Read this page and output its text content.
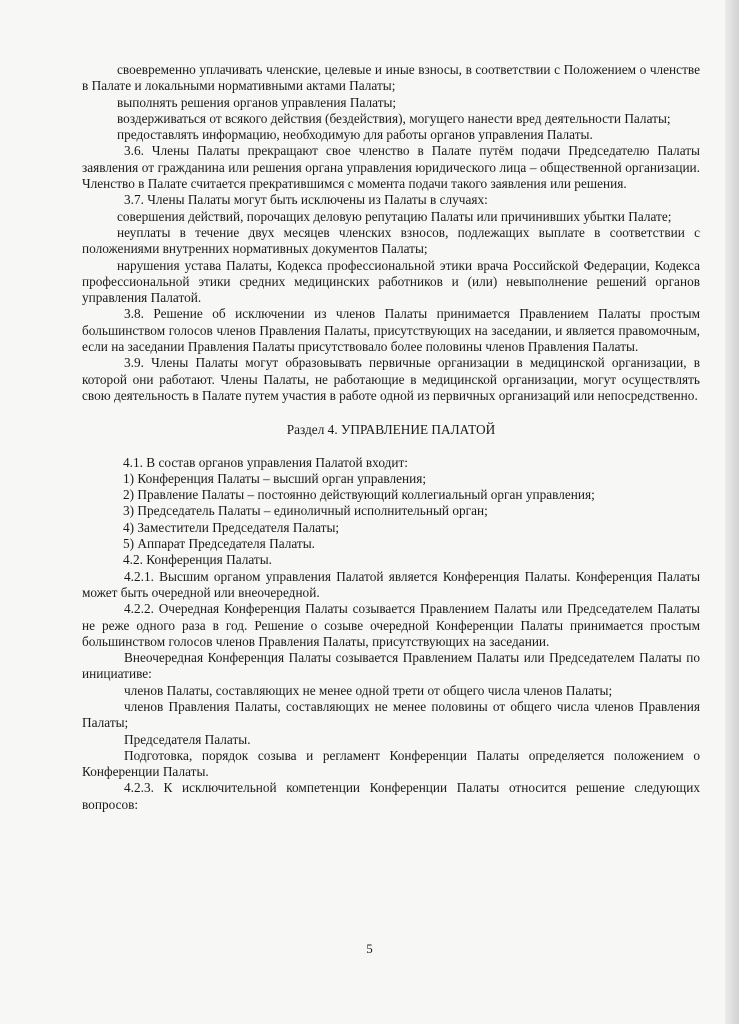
своевременно уплачивать членские, целевые и иные взносы, в соответствии с Положением о членстве в Палате и локальными нормативными актами Палаты;
выполнять решения органов управления Палаты;
воздерживаться от всякого действия (бездействия), могущего нанести вред деятельности Палаты;
предоставлять информацию, необходимую для работы органов управления Палаты.
3.6. Члены Палаты прекращают свое членство в Палате путём подачи Председателю Палаты заявления от гражданина или решения органа управления юридического лица – общественной организации. Членство в Палате считается прекратившимся с момента подачи такого заявления или решения.
3.7. Члены Палаты могут быть исключены из Палаты в случаях:
совершения действий, порочащих деловую репутацию Палаты или причинивших убытки Палате;
неуплаты в течение двух месяцев членских взносов, подлежащих выплате в соответствии с положениями внутренних нормативных документов Палаты;
нарушения устава Палаты, Кодекса профессиональной этики врача Российской Федерации, Кодекса профессиональной этики средних медицинских работников и (или) невыполнение решений органов управления Палатой.
3.8. Решение об исключении из членов Палаты принимается Правлением Палаты простым большинством голосов членов Правления Палаты, присутствующих на заседании, и является правомочным, если на заседании Правления Палаты присутствовало более половины членов Правления Палаты.
3.9. Члены Палаты могут образовывать первичные организации в медицинской организации, в которой они работают. Члены Палаты, не работающие в медицинской организации, могут осуществлять свою деятельность в Палате путем участия в работе одной из первичных организаций или непосредственно.
Раздел 4. УПРАВЛЕНИЕ ПАЛАТОЙ
4.1. В состав органов управления Палатой входит:
1) Конференция Палаты – высший орган управления;
2) Правление Палаты – постоянно действующий коллегиальный орган управления;
3) Председатель Палаты – единоличный исполнительный орган;
4) Заместители Председателя Палаты;
5) Аппарат Председателя Палаты.
4.2. Конференция Палаты.
4.2.1. Высшим органом управления Палатой является Конференция Палаты. Конференция Палаты может быть очередной или внеочередной.
4.2.2. Очередная Конференция Палаты созывается Правлением Палаты или Председателем Палаты не реже одного раза в год. Решение о созыве очередной Конференции Палаты принимается простым большинством голосов членов Правления Палаты, присутствующих на заседании.
Внеочередная Конференция Палаты созывается Правлением Палаты или Председателем Палаты по инициативе:
членов Палаты, составляющих не менее одной трети от общего числа членов Палаты;
членов Правления Палаты, составляющих не менее половины от общего числа членов Правления Палаты;
Председателя Палаты.
Подготовка, порядок созыва и регламент Конференции Палаты определяется положением о Конференции Палаты.
4.2.3. К исключительной компетенции Конференции Палаты относится решение следующих вопросов:
5
